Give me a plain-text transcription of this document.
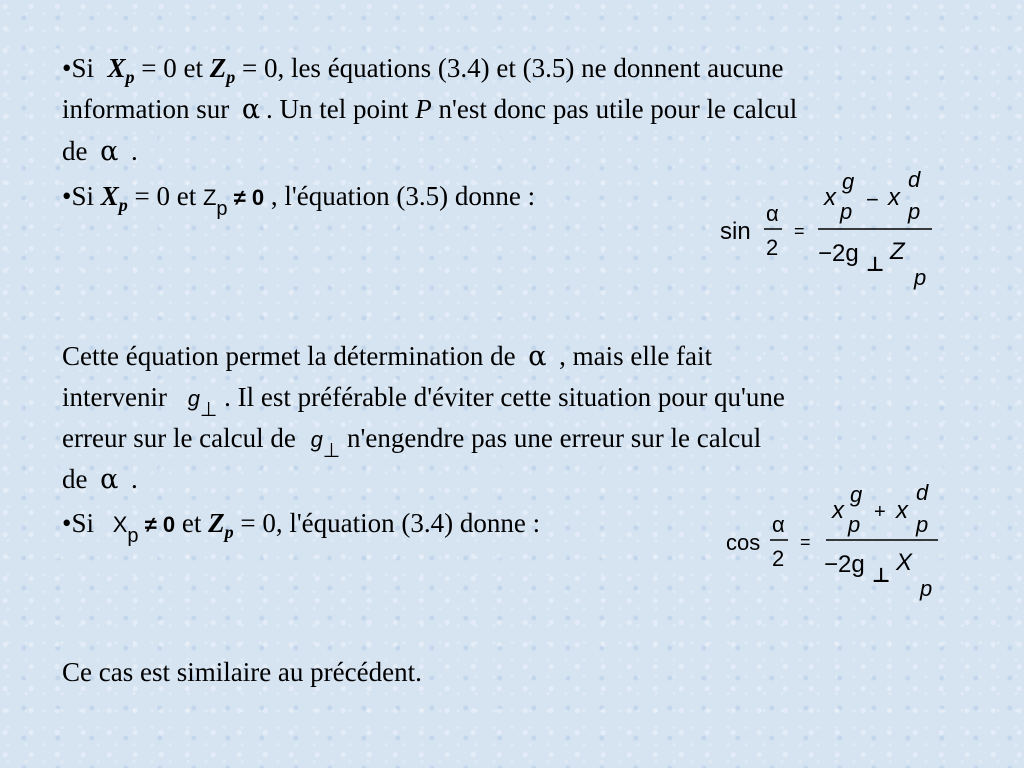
•Si $X_p = 0$ et $Z_p = 0$, les équations (3.4) et (3.5) ne donnent aucune
information sur α . Un tel point P n'est donc pas utile pour le calcul
de α .
•Si $X_p = 0$ et Zp ≠ 0 , l'équation (3.5) donne :
sin
α
2
=
x
g
p − x
d
p
−2g ⊥ Z
p
Cette équation permet la détermination de α , mais elle fait
intervenir g⊥ . Il est préférable d'éviter cette situation pour qu'une
erreur sur le calcul de g⊥ n'engendre pas une erreur sur le calcul
de α .
•Si Xp ≠ 0 et $Z_p = 0$, l'équation (3.4) donne :
cos
α
2
=
x
g
p + x
d
p
−2g ⊥ X
p
Ce cas est similaire au précédent.
